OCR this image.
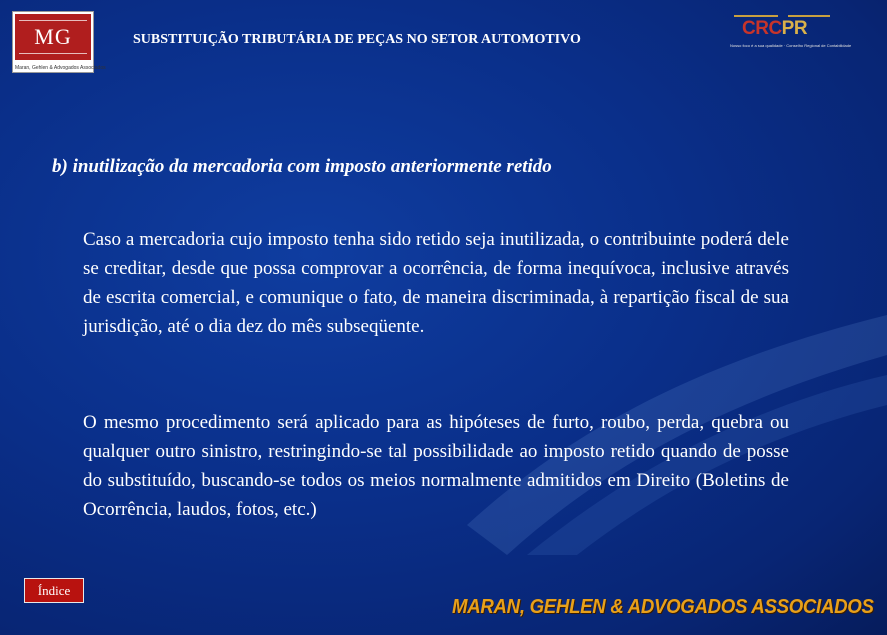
MG
Maran, Gehlen & Advogados Associados
SUBSTITUIÇÃO TRIBUTÁRIA DE PEÇAS NO SETOR AUTOMOTIVO
CRCPR
Nosso foco é a sua qualidade · Conselho Regional de Contabilidade
b) inutilização da mercadoria com imposto anteriormente retido
Caso a mercadoria cujo imposto tenha sido retido seja inutilizada, o contribuinte poderá dele se creditar, desde que possa comprovar a ocorrência, de forma inequívoca, inclusive através de escrita comercial, e comunique o fato, de maneira discriminada, à repartição fiscal de sua jurisdição, até o dia dez do mês subseqüente.
O mesmo procedimento será aplicado para as hipóteses de furto, roubo, perda, quebra ou qualquer outro sinistro, restringindo-se tal possibilidade ao imposto retido quando de posse do substituído, buscando-se todos os meios normalmente admitidos em Direito (Boletins de Ocorrência, laudos, fotos, etc.)
Índice
MARAN, GEHLEN & ADVOGADOS ASSOCIADOS
